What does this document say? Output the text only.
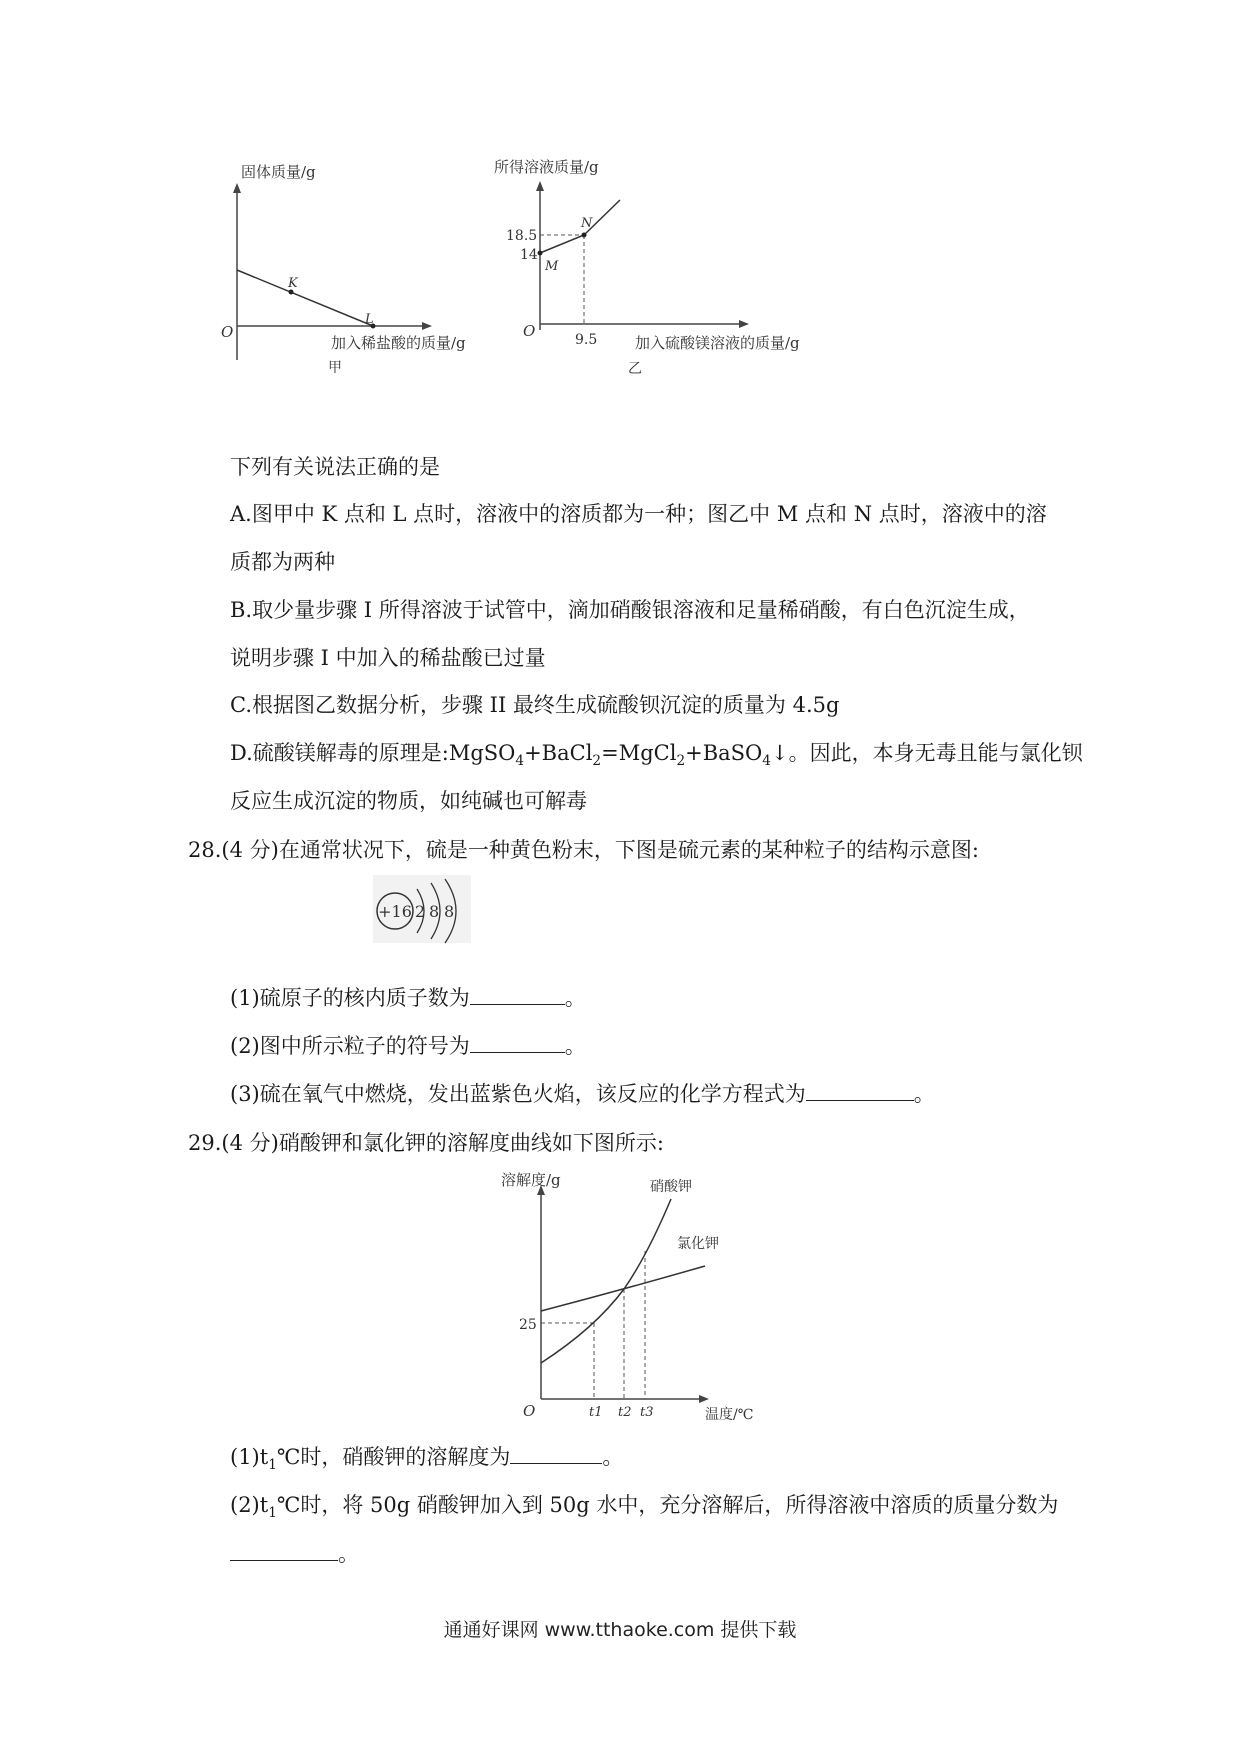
固体质量/g
O
K
L
加入稀盐酸的质量/g
甲
所得溶液质量/g
18.5
14
M
N
O	9.5	加入硫酸镁溶液的质量/g
乙
下列有关说法正确的是
A.图甲中 K 点和 L 点时，溶液中的溶质都为一种；图乙中 M 点和 N 点时，溶液中的溶
质都为两种
B.取少量步骤 I 所得溶波于试管中，滴加硝酸银溶液和足量稀硝酸，有白色沉淀生成，
说明步骤 I 中加入的稀盐酸已过量
C.根据图乙数据分析，步骤 II 最终生成硫酸钡沉淀的质量为 4.5g
D.硫酸镁解毒的原理是:MgSO$_4$+BaCl$_2$=MgCl$_2$+BaSO$_4$↓。因此，本身无毒且能与氯化钡
反应生成沉淀的物质，如纯碱也可解毒
28.(4 分)在通常状况下，硫是一种黄色粉末，下图是硫元素的某种粒子的结构示意图:
+16 2 8 8
(1)硫原子的核内质子数为	。
(2)图中所示粒子的符号为	。
(3)硫在氧气中燃烧，发出蓝紫色火焰，该反应的化学方程式为	。
29.(4 分)硝酸钾和氯化钾的溶解度曲线如下图所示:
溶解度/g	硝酸钾
氯化钾
25
O	t1 t2 t3	温度/℃
$(1)t_1℃$时，硝酸钾的溶解度为	。
$(2)t_1℃$时，将 50g 硝酸钾加入到 50g 水中，充分溶解后，所得溶液中溶质的质量分数为
。
通通好课网 www.tthaoke.com 提供下载
